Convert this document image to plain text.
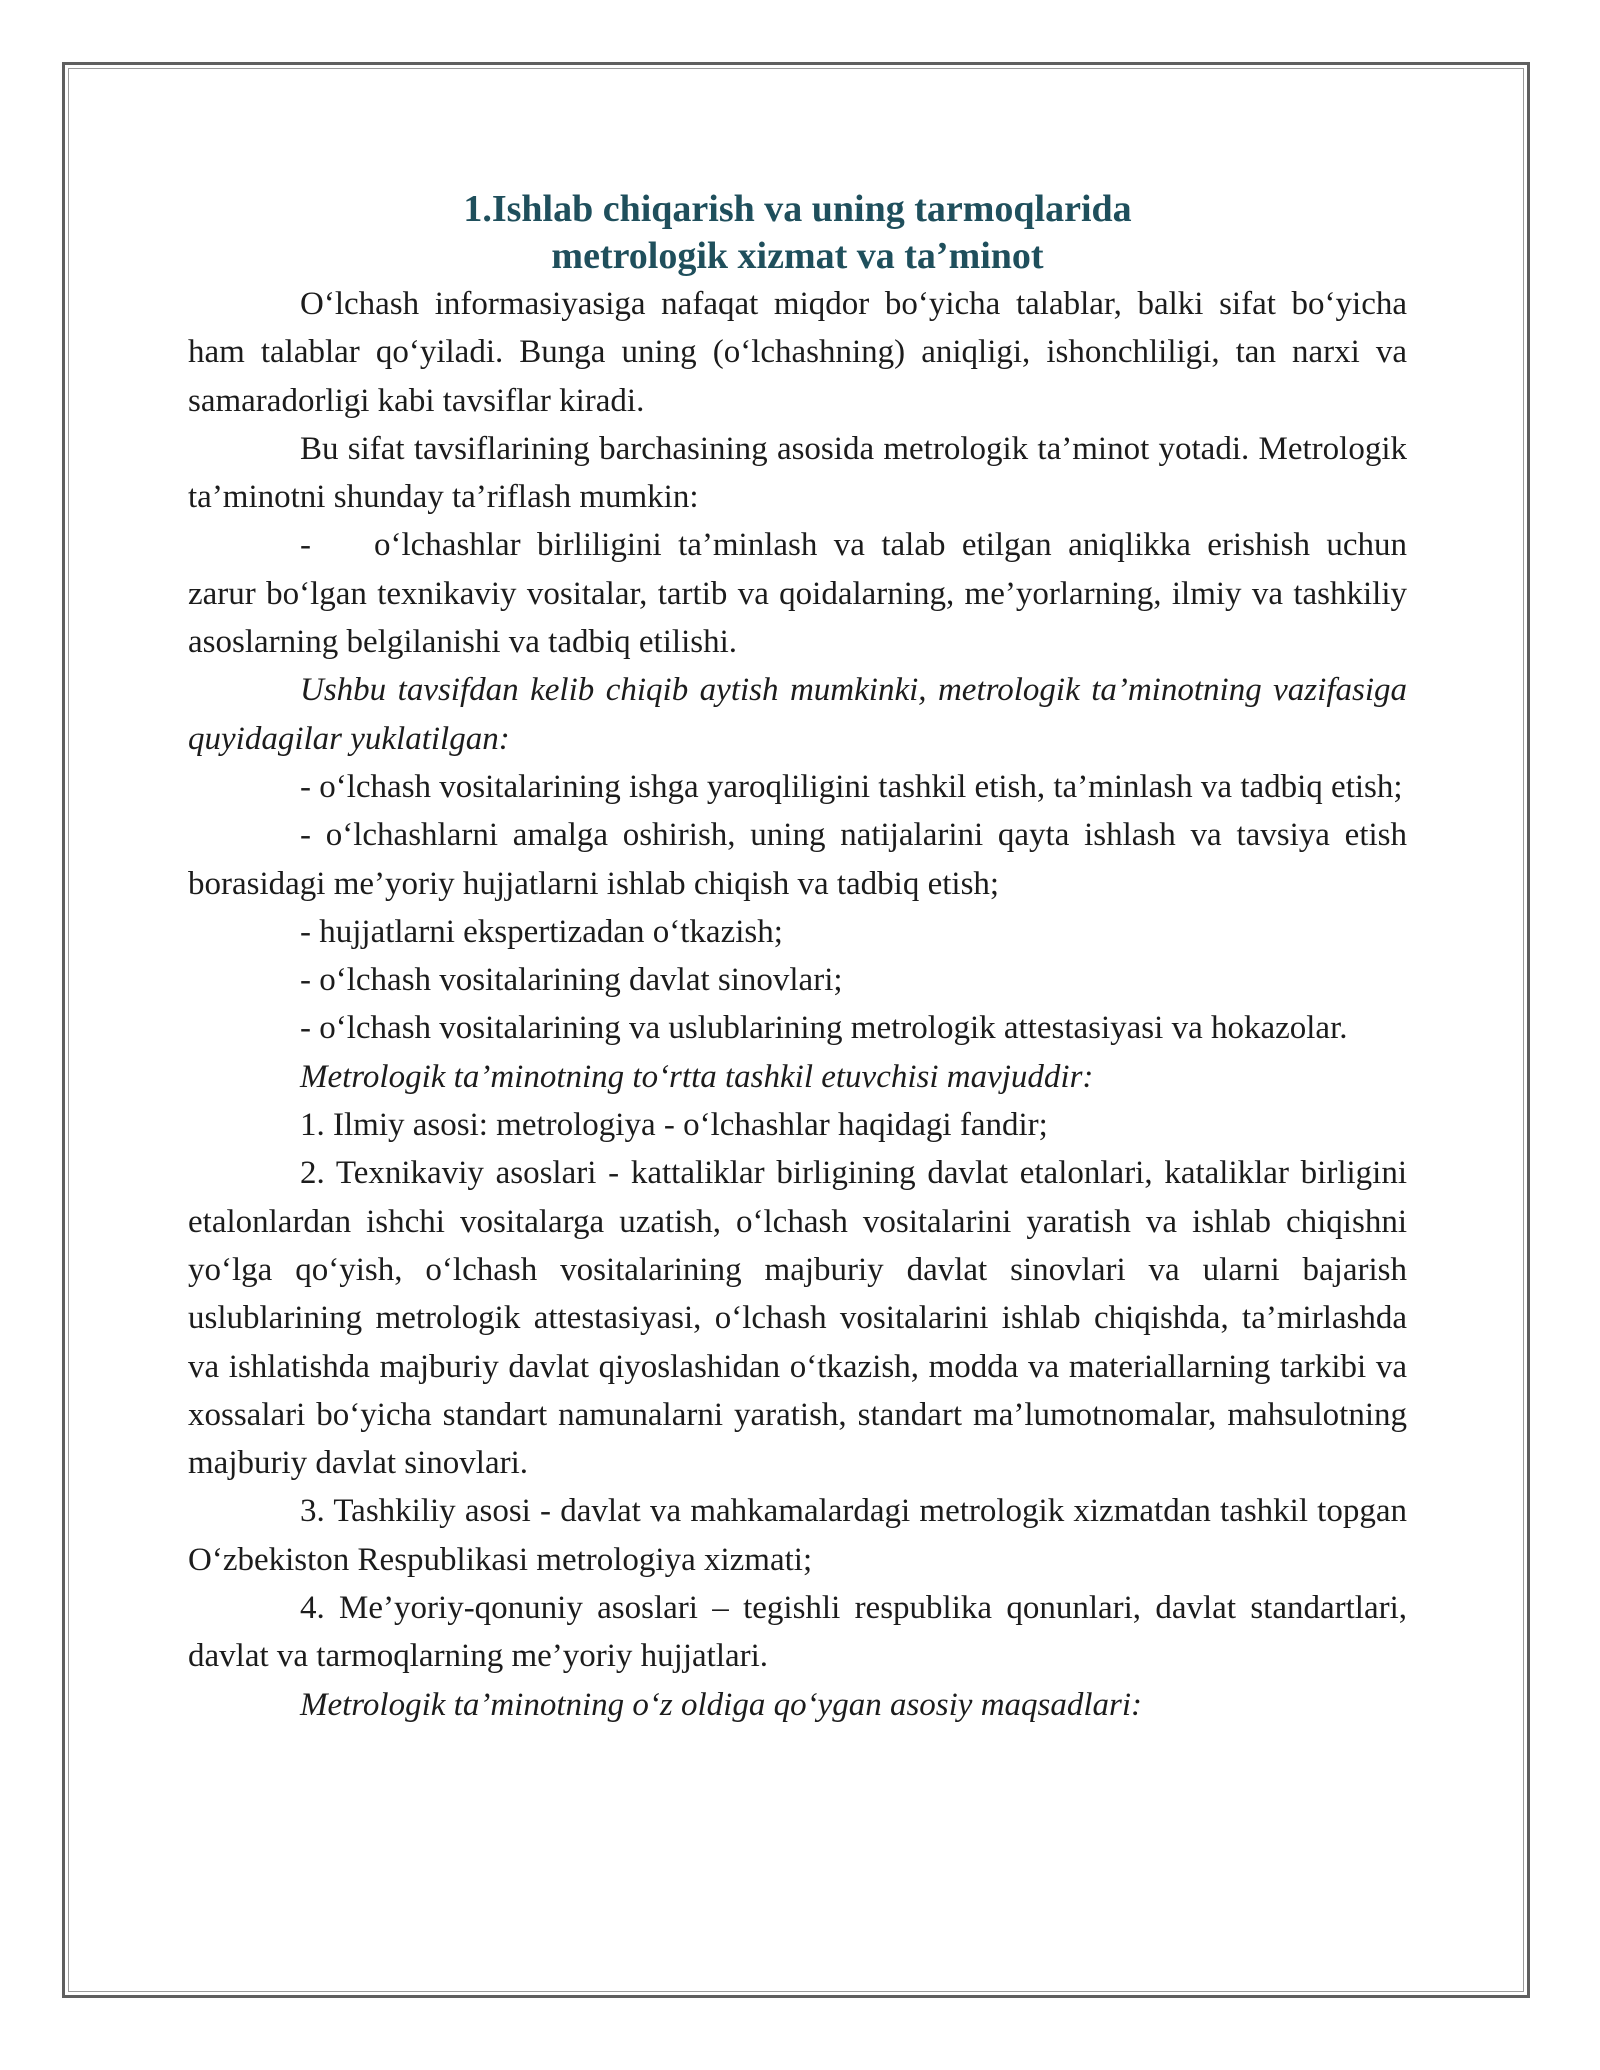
1.Ishlab chiqarish va uning tarmoqlarida
metrologik xizmat va ta’minot

O‘lchash informasiyasiga nafaqat miqdor bo‘yicha talablar, balki sifat bo‘yicha ham talablar qo‘yiladi. Bunga uning (o‘lchashning) aniqligi, ishonchliligi, tan narxi va samaradorligi kabi tavsiflar kiradi.

Bu sifat tavsiflarining barchasining asosida metrologik ta’minot yotadi. Metrologik ta’minotni shunday ta’riflash mumkin:

- o‘lchashlar birliligini ta’minlash va talab etilgan aniqlikka erishish uchun zarur bo‘lgan texnikaviy vositalar, tartib va qoidalarning, me’yorlarning, ilmiy va tashkiliy asoslarning belgilanishi va tadbiq etilishi.

Ushbu tavsifdan kelib chiqib aytish mumkinki, metrologik ta’minotning vazifasiga quyidagilar yuklatilgan:

- o‘lchash vositalarining ishga yaroqliligini tashkil etish, ta’minlash va tadbiq etish;

- o‘lchashlarni amalga oshirish, uning natijalarini qayta ishlash va tavsiya etish borasidagi me’yoriy hujjatlarni ishlab chiqish va tadbiq etish;

- hujjatlarni ekspertizadan o‘tkazish;

- o‘lchash vositalarining davlat sinovlari;

- o‘lchash vositalarining va uslublarining metrologik attestasiyasi va hokazolar.

Metrologik ta’minotning to‘rtta tashkil etuvchisi mavjuddir:

1. Ilmiy asosi: metrologiya - o‘lchashlar haqidagi fandir;

2. Texnikaviy asoslari - kattaliklar birligining davlat etalonlari, kataliklar birligini etalonlardan ishchi vositalarga uzatish, o‘lchash vositalarini yaratish va ishlab chiqishni yo‘lga qo‘yish, o‘lchash vositalarining majburiy davlat sinovlari va ularni bajarish uslublarining metrologik attestasiyasi, o‘lchash vositalarini ishlab chiqishda, ta’mirlashda va ishlatishda majburiy davlat qiyoslashidan o‘tkazish, modda va materiallarning tarkibi va xossalari bo‘yicha standart namunalarni yaratish, standart ma’lumotnomalar, mahsulotning majburiy davlat sinovlari.

3. Tashkiliy asosi - davlat va mahkamalardagi metrologik xizmatdan tashkil topgan O‘zbekiston Respublikasi metrologiya xizmati;

4. Me’yoriy-qonuniy asoslari – tegishli respublika qonunlari, davlat standartlari, davlat va tarmoqlarning me’yoriy hujjatlari.

Metrologik ta’minotning o‘z oldiga qo‘ygan asosiy maqsadlari:
